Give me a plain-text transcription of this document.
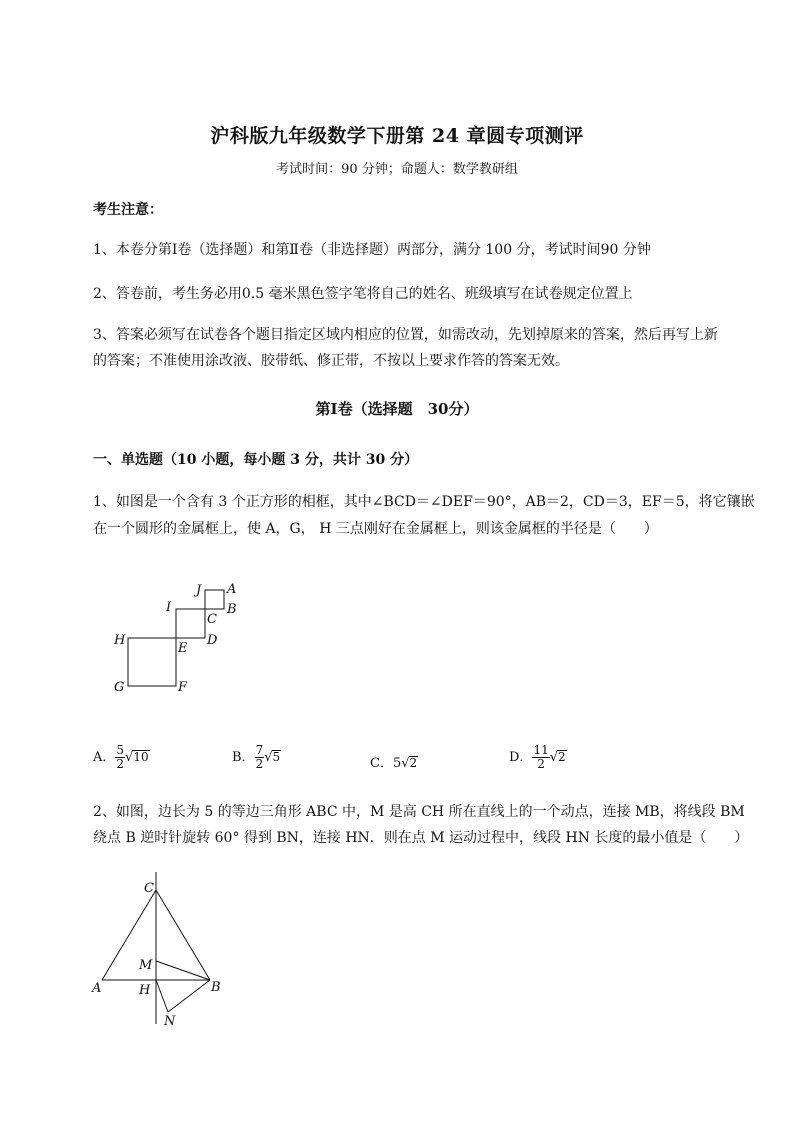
沪科版九年级数学下册第 24 章圆专项测评
考试时间：90 分钟；命题人：数学教研组
考生注意：
1、本卷分第Ⅰ卷（选择题）和第Ⅱ卷（非选择题）两部分，满分 100 分，考试时间90 分钟
2、答卷前，考生务必用0.5 毫米黑色签字笔将自己的姓名、班级填写在试卷规定位置上
3、答案必须写在试卷各个题目指定区域内相应的位置，如需改动，先划掉原来的答案，然后再写上新
的答案；不准使用涂改液、胶带纸、修正带，不按以上要求作答的答案无效。
第Ⅰ卷（选择题　30分）
一、单选题（10 小题，每小题 3 分，共计 30 分）
1、如图是一个含有 3 个正方形的相框，其中∠BCD＝∠DEF＝90°，AB＝2，CD＝3，EF＝5，将它镶嵌
在一个圆形的金属框上，使 A，G， H 三点刚好在金属框上，则该金属框的半径是（　　）
J A
B
I
C
H
E
D
G	F
A． $\frac{5}{2} √10$	B． $\frac{7}{2} √5$	C．5√2	D． $\frac{11}{2} √2$
2、如图，边长为 5 的等边三角形 ABC 中，M 是高 CH 所在直线上的一个动点，连接 MB，将线段 BM
绕点 B 逆时针旋转 60° 得到 BN，连接 HN．则在点 M 运动过程中，线段 HN 长度的最小值是（　　）
C
M
A	H	B
N
